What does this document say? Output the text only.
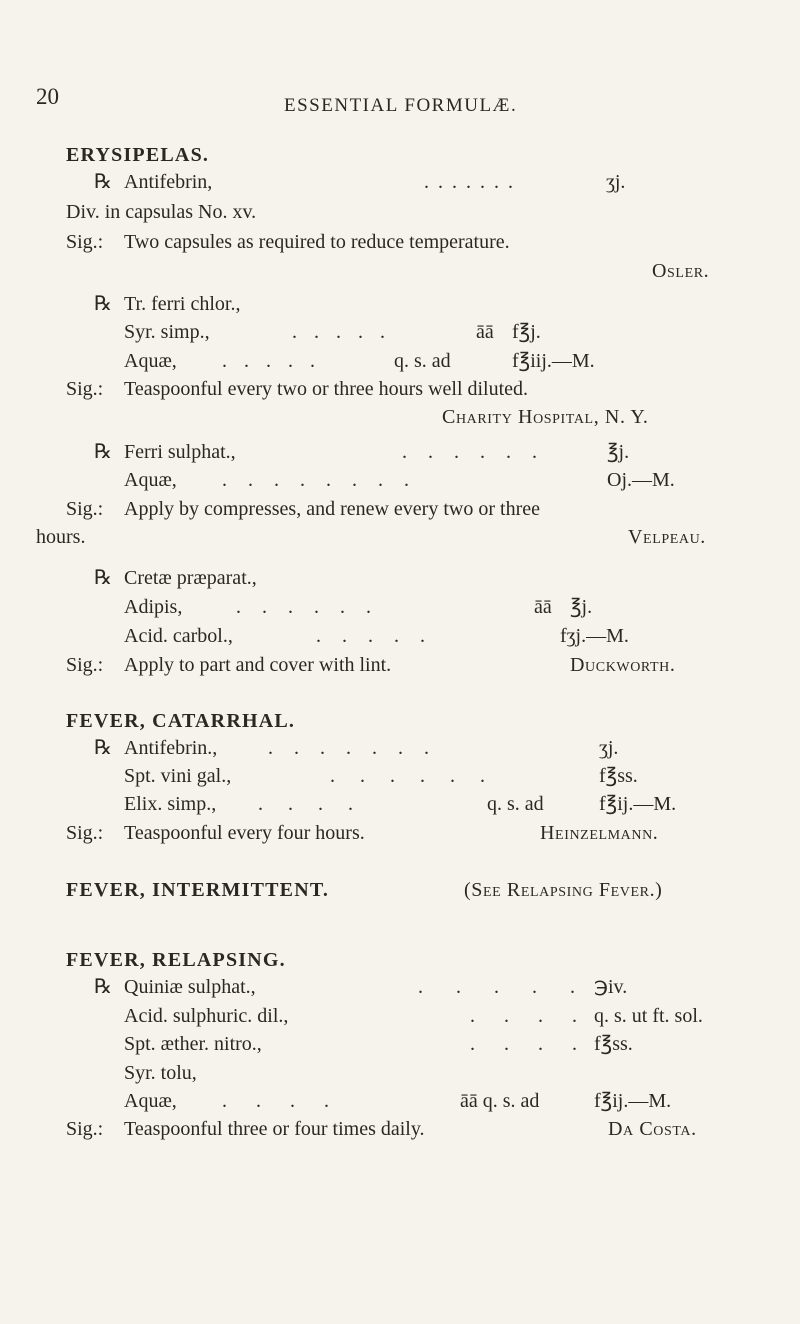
20	ESSENTIAL FORMULÆ.
ERYSIPELAS.
℞ Antifebrin,	. . . . . . .	ʒj.
Div. in capsulas No. xv.
Sig.: Two capsules as required to reduce temperature.
Osler.
℞ Tr. ferri chlor.,
Syr. simp.,	. . . . .	āā f℥j.
Aquæ, . . . . .	q. s. ad	f℥iij.—M.
Sig.: Teaspoonful every two or three hours well diluted.
Charity Hospital, N. Y.
℞ Ferri sulphat.,	. . . . . .	℥j.
Aquæ, . . . . . . . .	Oj.—M.
Sig.: Apply by compresses, and renew every two or three
hours.	Velpeau.
℞ Cretæ præparat.,
Adipis,	. . . . . .	āā ℥j.
Acid. carbol.,	. . . . .	fʒj.—M.
Sig.: Apply to part and cover with lint.	Duckworth.
FEVER, CATARRHAL.
℞ Antifebrin.,	. . . . . . .	ʒj.
Spt. vini gal.,	. . . . . .	f℥ss.
Elix. simp., . . . .	q. s. ad	f℥ij.—M.
Sig.: Teaspoonful every four hours.	Heinzelmann.
FEVER, INTERMITTENT.	(See Relapsing Fever.)
FEVER, RELAPSING.
℞ Quiniæ sulphat.,	. . . . . ℈iv.
Acid. sulphuric. dil.,	. . . . q. s. ut ft. sol.
Spt. æther. nitro.,	. . . . f℥ss.
Syr. tolu,
Aquæ, . . . .	āā q. s. ad	f℥ij.—M.
Sig.: Teaspoonful three or four times daily.	Da Costa.
